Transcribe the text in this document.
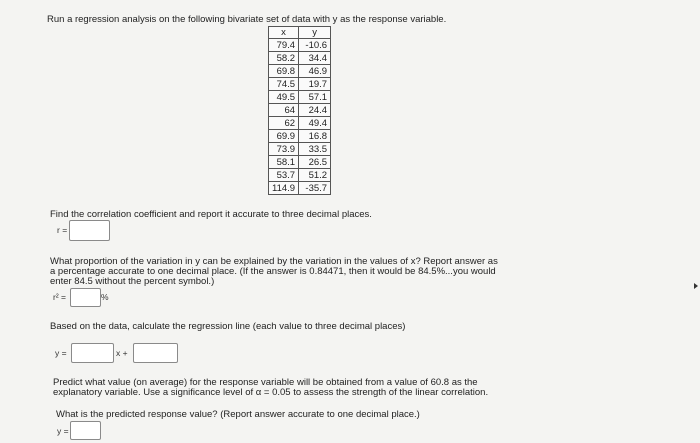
Run a regression analysis on the following bivariate set of data with y as the response variable.
x	y
79.4	-10.6
58.2	34.4
69.8	46.9
74.5	19.7
49.5	57.1
64	24.4
62	49.4
69.9	16.8
73.9	33.5
58.1	26.5
53.7	51.2
114.9	-35.7
Find the correlation coefficient and report it accurate to three decimal places.
r =
What proportion of the variation in y can be explained by the variation in the values of x? Report answer as
a percentage accurate to one decimal place. (If the answer is 0.84471, then it would be 84.5%...you would
enter 84.5 without the percent symbol.)
r² =	%
Based on the data, calculate the regression line (each value to three decimal places)
y =	x +
Predict what value (on average) for the response variable will be obtained from a value of 60.8 as the
explanatory variable. Use a significance level of α = 0.05 to assess the strength of the linear correlation.
What is the predicted response value? (Report answer accurate to one decimal place.)
y =
